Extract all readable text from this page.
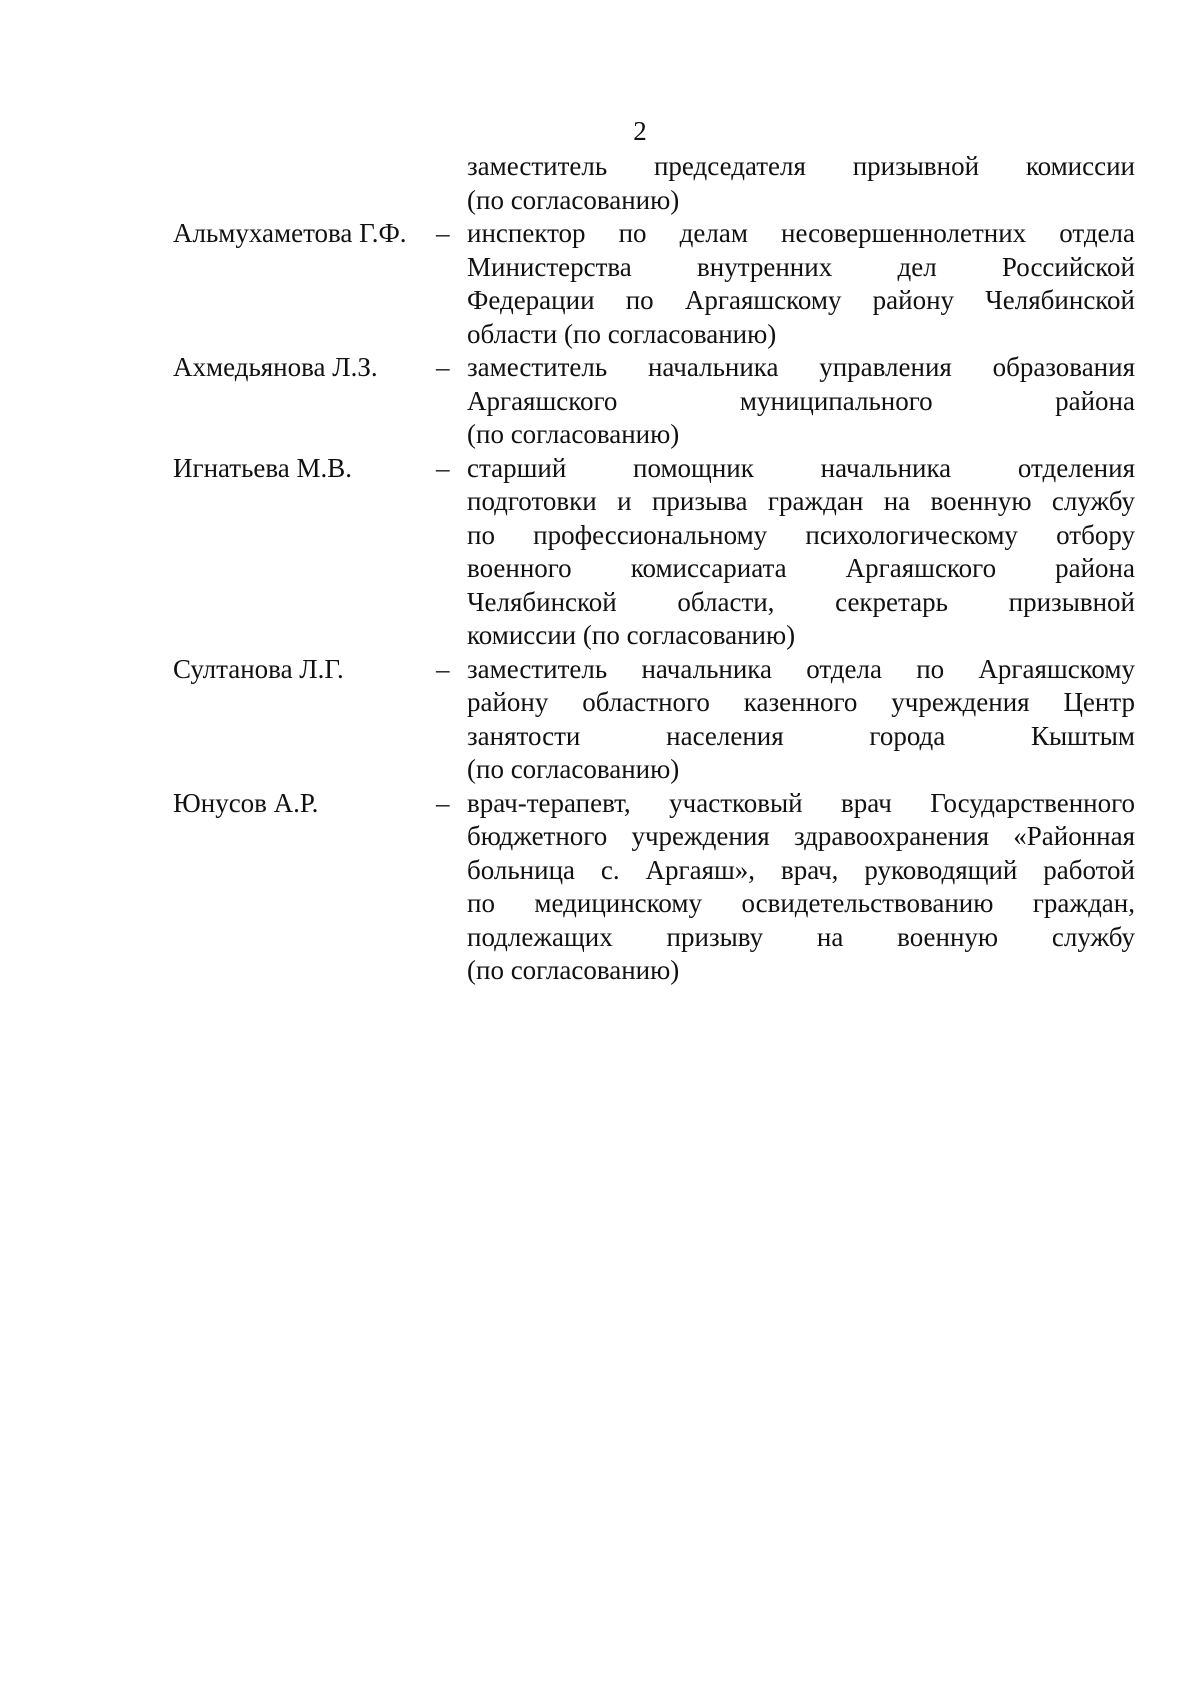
2
заместитель председателя призывной комиссии
(по согласованию)
Альмухаметова Г.Ф.	– инспектор по делам несовершеннолетних отдела
Министерства внутренних дел Российской
Федерации по Аргаяшскому району Челябинской
области (по согласованию)
Ахмедьянова Л.З.	– заместитель начальника управления образования
Аргаяшского муниципального района
(по согласованию)
Игнатьева М.В.	– старший помощник начальника отделения
подготовки и призыва граждан на военную службу
по профессиональному психологическому отбору
военного комиссариата Аргаяшского района
Челябинской области, секретарь призывной
комиссии (по согласованию)
Султанова Л.Г.	– заместитель начальника отдела по Аргаяшскому
району областного казенного учреждения Центр
занятости населения города Кыштым
(по согласованию)
Юнусов А.Р.	– врач-терапевт, участковый врач Государственного
бюджетного учреждения здравоохранения «Районная
больница с. Аргаяш», врач, руководящий работой
по медицинскому освидетельствованию граждан,
подлежащих призыву на военную службу
(по согласованию)
